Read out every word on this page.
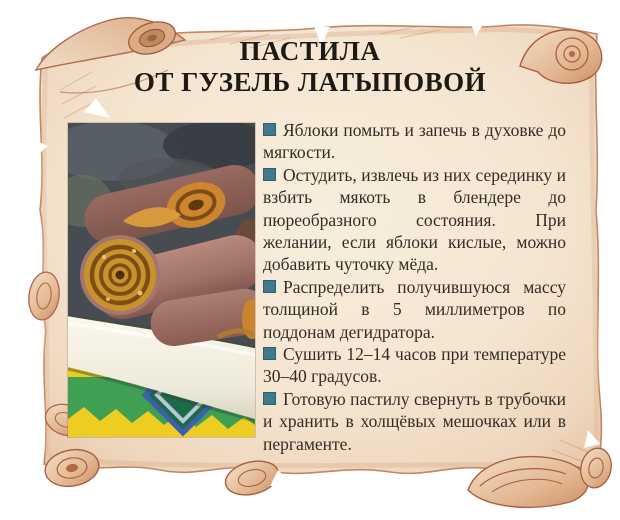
ПАСТИЛА
ОТ ГУЗЕЛЬ ЛАТЫПОВОЙ

Яблоки помыть и запечь в духовке до мягкости.

Остудить, извлечь из них серединку и взбить мякоть в блендере до пюреобразного состояния. При желании, если яблоки кислые, можно добавить чуточку мёда.

Распределить получившуюся массу толщиной в 5 миллиметров по поддонам дегидратора.

Сушить 12–14 часов при температуре 30–40 градусов.

Готовую пастилу свернуть в трубочки и хранить в холщёвых мешочках или в пергаменте.
